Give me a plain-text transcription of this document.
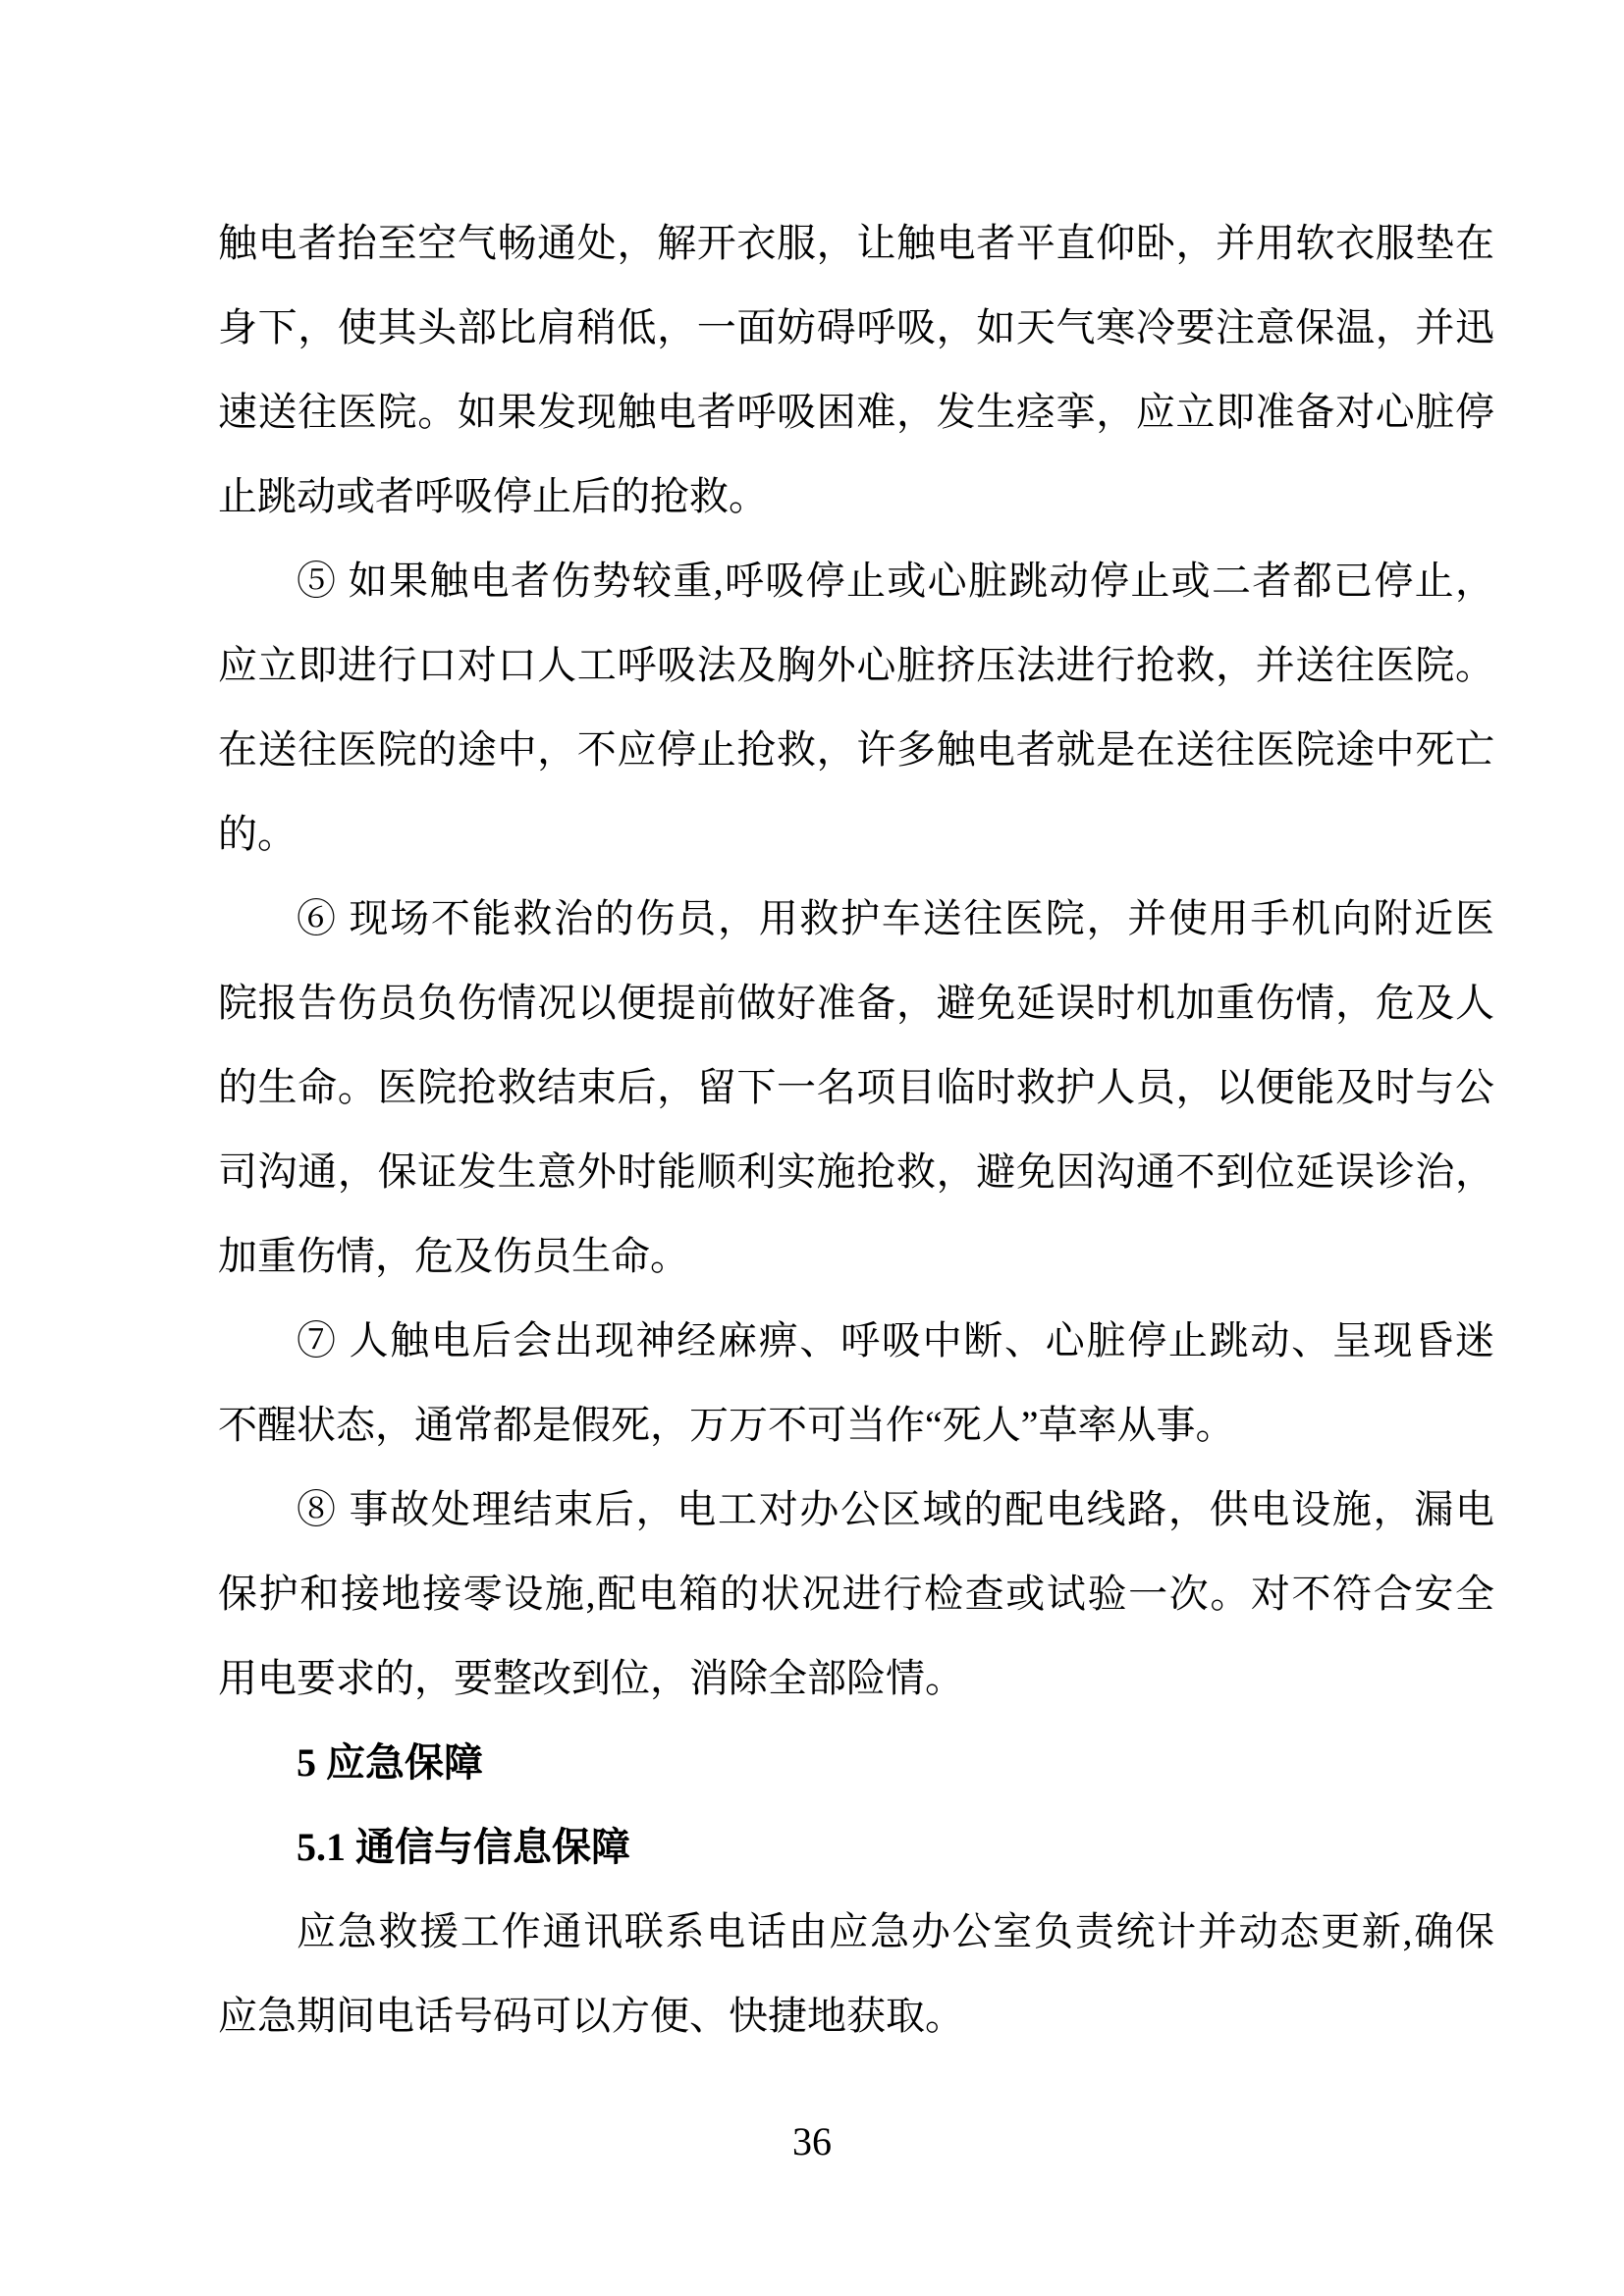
触电者抬至空气畅通处，解开衣服，让触电者平直仰卧，并用软衣服垫在
身下，使其头部比肩稍低，一面妨碍呼吸，如天气寒冷要注意保温，并迅
速送往医院。如果发现触电者呼吸困难，发生痉挛，应立即准备对心脏停
止跳动或者呼吸停止后的抢救。
⑤ 如果触电者伤势较重,呼吸停止或心脏跳动停止或二者都已停止，
应立即进行口对口人工呼吸法及胸外心脏挤压法进行抢救，并送往医院。
在送往医院的途中，不应停止抢救，许多触电者就是在送往医院途中死亡
的。
⑥ 现场不能救治的伤员，用救护车送往医院，并使用手机向附近医
院报告伤员负伤情况以便提前做好准备，避免延误时机加重伤情，危及人
的生命。医院抢救结束后，留下一名项目临时救护人员，以便能及时与公
司沟通，保证发生意外时能顺利实施抢救，避免因沟通不到位延误诊治，
加重伤情，危及伤员生命。
⑦ 人触电后会出现神经麻痹、呼吸中断、心脏停止跳动、呈现昏迷
不醒状态，通常都是假死，万万不可当作“死人”草率从事。
⑧ 事故处理结束后，电工对办公区域的配电线路，供电设施，漏电
保护和接地接零设施,配电箱的状况进行检查或试验一次。对不符合安全
用电要求的，要整改到位，消除全部险情。
5 应急保障
5.1 通信与信息保障
应急救援工作通讯联系电话由应急办公室负责统计并动态更新,确保
应急期间电话号码可以方便、快捷地获取。
36
